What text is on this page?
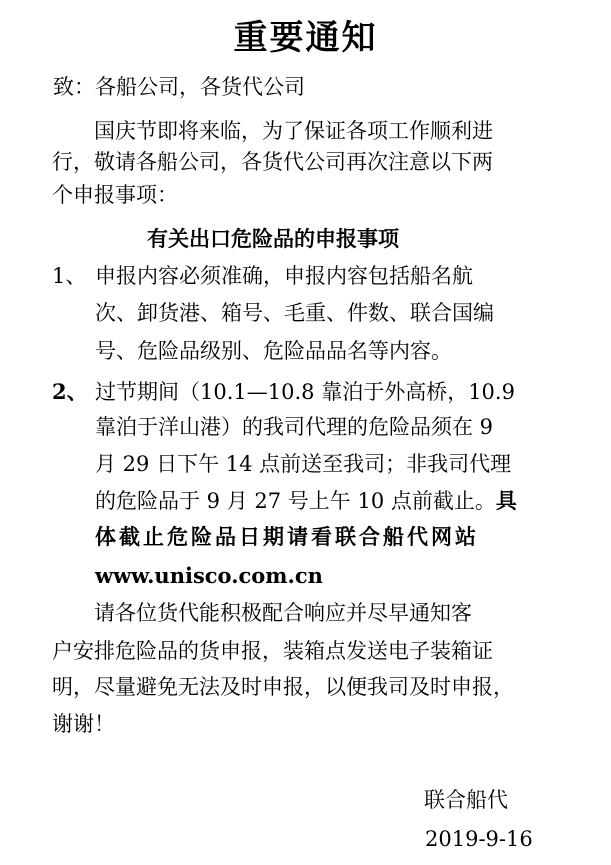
重要通知
致：各船公司，各货代公司
国庆节即将来临，为了保证各项工作顺利进
行，敬请各船公司，各货代公司再次注意以下两
个申报事项：
有关出口危险品的申报事项
1、 申报内容必须准确，申报内容包括船名航
次、卸货港、箱号、毛重、件数、联合国编
号、危险品级别、危险品品名等内容。
2、 过节期间（10.1—10.8 靠泊于外高桥，10.9
靠泊于洋山港）的我司代理的危险品须在 9
月 29 日下午 14 点前送至我司；非我司代理
的危险品于 9 月 27 号上午 10 点前截止。具
体截止危险品日期请看联合船代网站
www.unisco.com.cn
请各位货代能积极配合响应并尽早通知客
户安排危险品的货申报，装箱点发送电子装箱证
明，尽量避免无法及时申报，以便我司及时申报，
谢谢！
联合船代
2019-9-16
